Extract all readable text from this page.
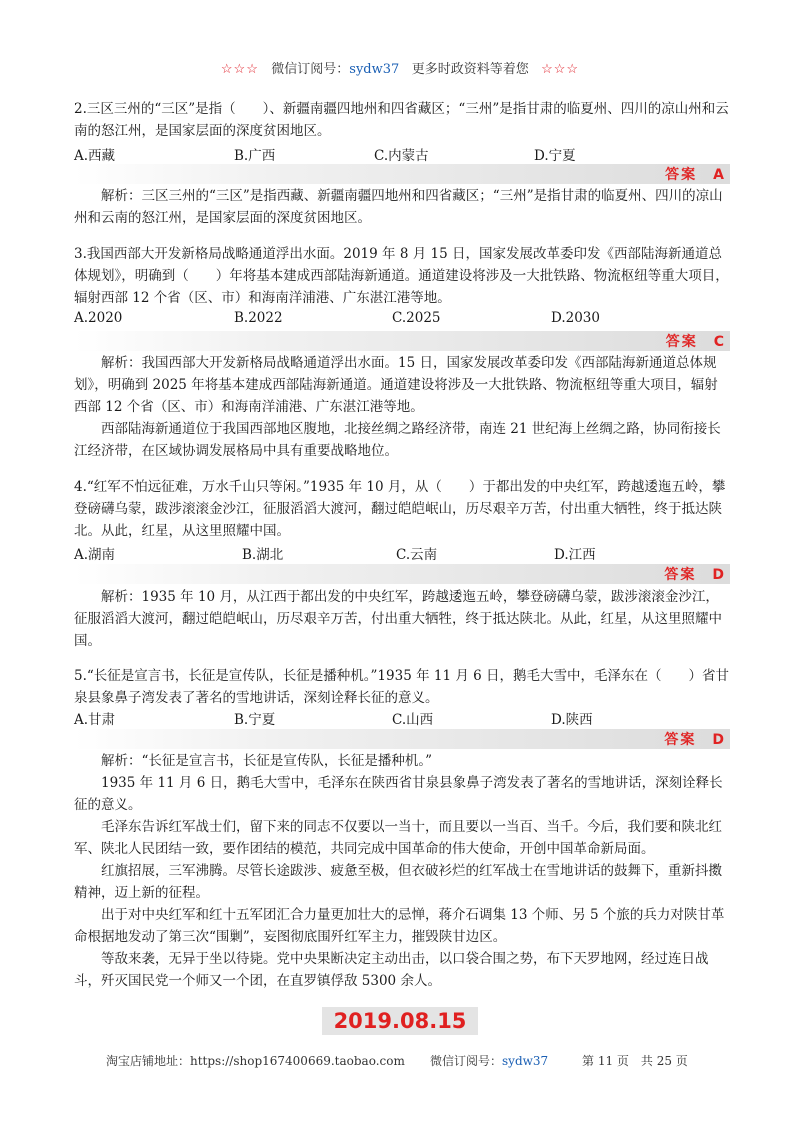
☆☆☆ 微信订阅号：sydw37 更多时政资料等着您 ☆☆☆
2.三区三州的“三区”是指（　　）、新疆南疆四地州和四省藏区；“三州”是指甘肃的临夏州、四川的凉山州和云南的怒江州，是国家层面的深度贫困地区。
A.西藏	B.广西	C.内蒙古	D.宁夏
答案　A

解析：三区三州的“三区”是指西藏、新疆南疆四地州和四省藏区；“三州”是指甘肃的临夏州、四川的凉山州和云南的怒江州，是国家层面的深度贫困地区。

3.我国西部大开发新格局战略通道浮出水面。2019 年 8 月 15 日，国家发展改革委印发《西部陆海新通道总体规划》，明确到（　　）年将基本建成西部陆海新通道。通道建设将涉及一大批铁路、物流枢纽等重大项目，辐射西部 12 个省（区、市）和海南洋浦港、广东湛江港等地。
A.2020	B.2022	C.2025	D.2030
答案　C

解析：我国西部大开发新格局战略通道浮出水面。15 日，国家发展改革委印发《西部陆海新通道总体规划》，明确到 2025 年将基本建成西部陆海新通道。通道建设将涉及一大批铁路、物流枢纽等重大项目，辐射西部 12 个省（区、市）和海南洋浦港、广东湛江港等地。

西部陆海新通道位于我国西部地区腹地，北接丝绸之路经济带，南连 21 世纪海上丝绸之路，协同衔接长江经济带，在区域协调发展格局中具有重要战略地位。

4.“红军不怕远征难，万水千山只等闲。”1935 年 10 月，从（　　）于都出发的中央红军，跨越逶迤五岭，攀登磅礴乌蒙，跋涉滚滚金沙江，征服滔滔大渡河，翻过皑皑岷山，历尽艰辛万苦，付出重大牺牲，终于抵达陕北。从此，红星，从这里照耀中国。
A.湖南	B.湖北	C.云南	D.江西
答案　D

解析：1935 年 10 月，从江西于都出发的中央红军，跨越逶迤五岭，攀登磅礴乌蒙，跋涉滚滚金沙江，征服滔滔大渡河，翻过皑皑岷山，历尽艰辛万苦，付出重大牺牲，终于抵达陕北。从此，红星，从这里照耀中国。

5.“长征是宣言书，长征是宣传队，长征是播种机。”1935 年 11 月 6 日，鹅毛大雪中，毛泽东在（　　）省甘泉县象鼻子湾发表了著名的雪地讲话，深刻诠释长征的意义。
A.甘肃	B.宁夏	C.山西	D.陕西
答案　D

解析：“长征是宣言书，长征是宣传队，长征是播种机。”

1935 年 11 月 6 日，鹅毛大雪中，毛泽东在陕西省甘泉县象鼻子湾发表了著名的雪地讲话，深刻诠释长征的意义。

毛泽东告诉红军战士们，留下来的同志不仅要以一当十，而且要以一当百、当千。今后，我们要和陕北红军、陕北人民团结一致，要作团结的模范，共同完成中国革命的伟大使命，开创中国革命新局面。

红旗招展，三军沸腾。尽管长途跋涉、疲惫至极，但衣破衫烂的红军战士在雪地讲话的鼓舞下，重新抖擞精神，迈上新的征程。

出于对中央红军和红十五军团汇合力量更加壮大的忌惮，蒋介石调集 13 个师、另 5 个旅的兵力对陕甘革命根据地发动了第三次“围剿”，妄图彻底围歼红军主力，摧毁陕甘边区。

等敌来袭，无异于坐以待毙。党中央果断决定主动出击，以口袋合围之势，布下天罗地网，经过连日战斗，歼灭国民党一个师又一个团，在直罗镇俘敌 5300 余人。

2019.08.15
淘宝店铺地址：https://shop167400669.taobao.com 微信订阅号：sydw37	第 11 页　共 25 页
